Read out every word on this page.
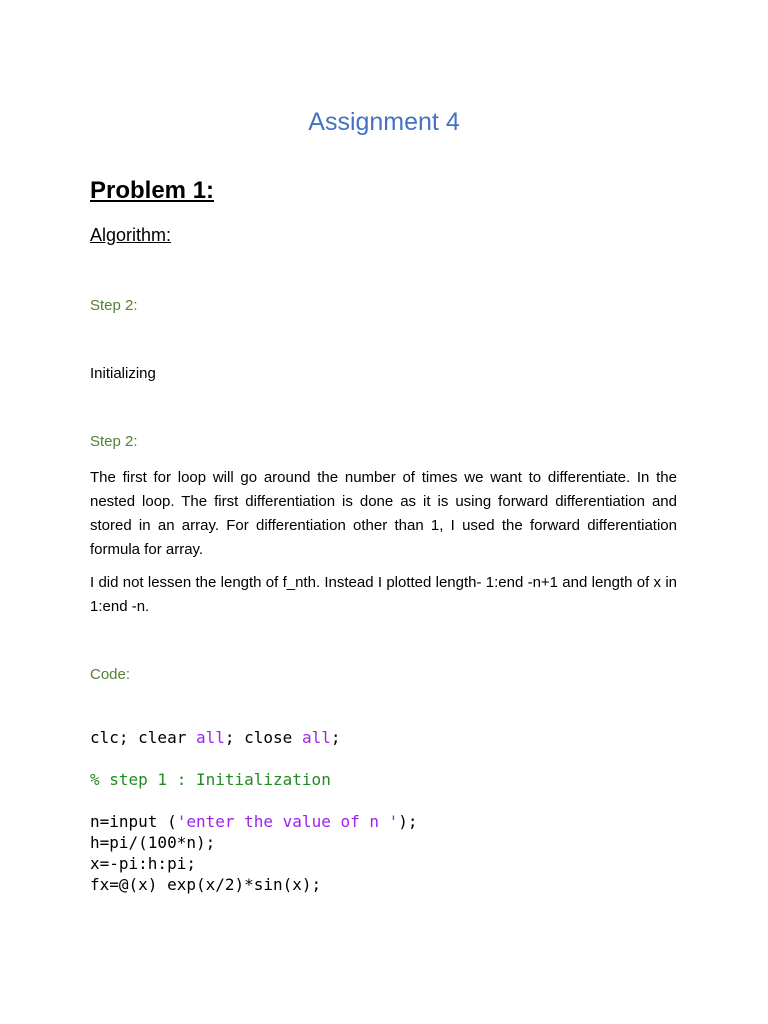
Assignment 4
Problem 1:
Algorithm:
Step 2:
Initializing
Step 2:

The first for loop will go around the number of times we want to differentiate. In the nested loop. The first differentiation is done as it is using forward differentiation and stored in an array. For differentiation other than 1, I used the forward differentiation formula for array.

I did not lessen the length of f_nth. Instead I plotted length- 1:end -n+1 and length of x in 1:end -n.

Code:
clc; clear all; close all;
% step 1 : Initialization
n=input ('enter the value of n ');
h=pi/(100*n);
x=-pi:h:pi;
fx=@(x) exp(x/2)*sin(x);
